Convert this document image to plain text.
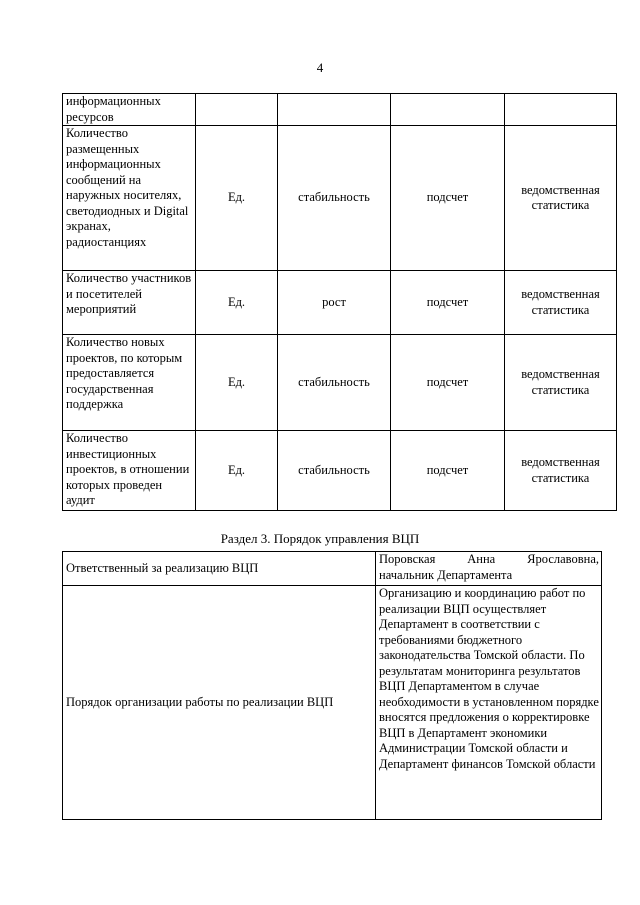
4
информационных ресурсов				
Количество размещенных информационных сообщений на наружных носителях, светодиодных и Digital экранах, радиостанциях	Ед.	стабильность	подсчет	ведомственная статистика
Количество участников и посетителей мероприятий	Ед.	рост	подсчет	ведомственная статистика
Количество новых проектов, по которым предоставляется государственная поддержка	Ед.	стабильность	подсчет	ведомственная статистика
Количество инвестиционных проектов, в отношении которых проведен аудит	Ед.	стабильность	подсчет	ведомственная статистика
Раздел 3. Порядок управления ВЦП
Ответственный за реализацию ВЦП	Поровская Анна Ярославовна,
начальник Департамента
Порядок организации работы по реализации ВЦП	Организацию и координацию работ по реализации ВЦП осуществляет Департамент в соответствии с требованиями бюджетного законодательства Томской области. По результатам мониторинга результатов ВЦП Департаментом в случае необходимости в установленном порядке вносятся предложения о корректировке ВЦП в Департамент экономики Администрации Томской области и Департамент финансов Томской области
